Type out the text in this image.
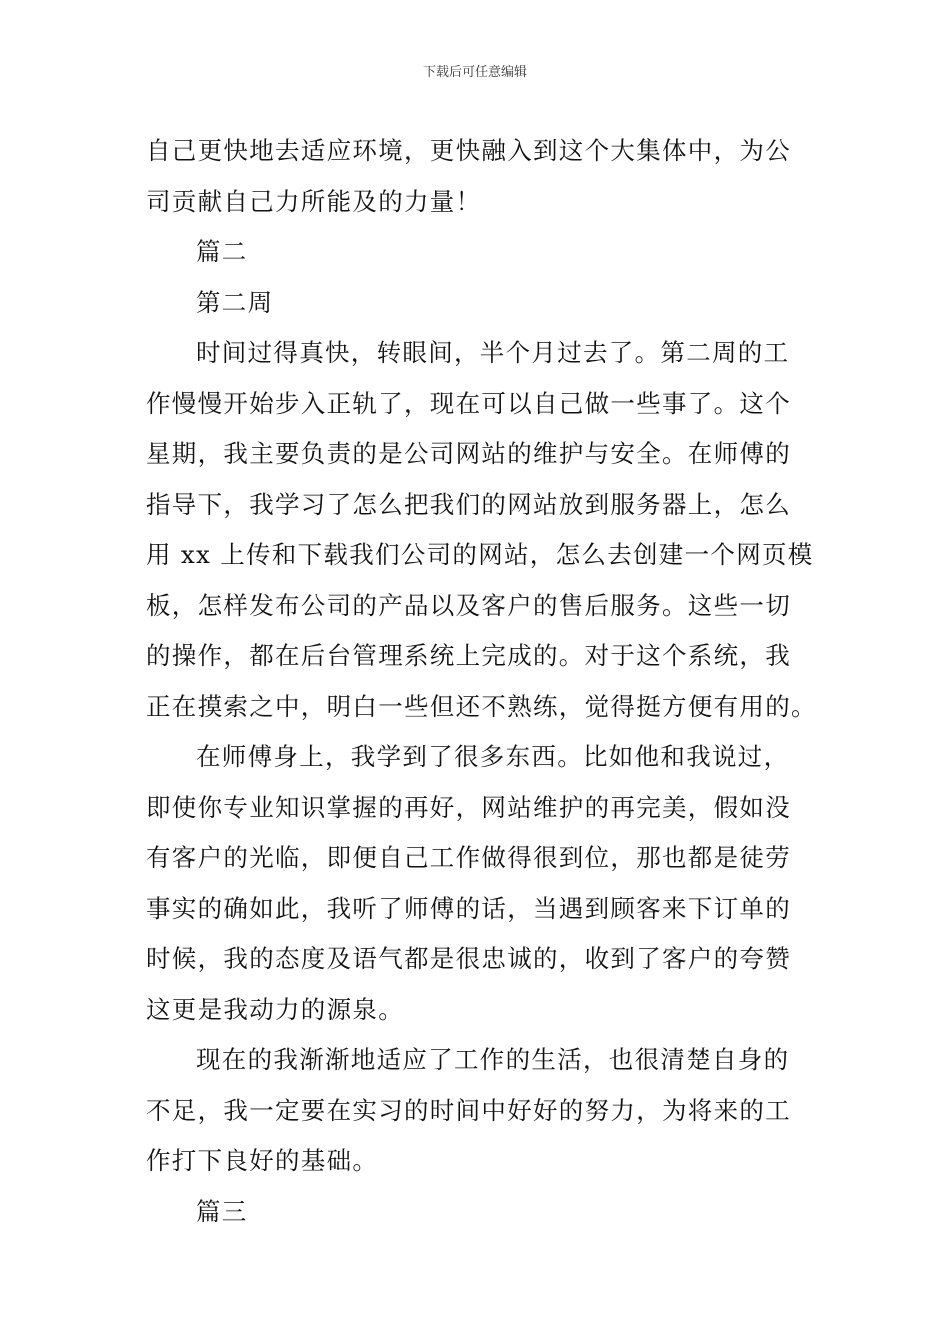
下载后可任意编辑
自己更快地去适应环境，更快融入到这个大集体中，为公
司贡献自己力所能及的力量！
篇二
第二周
时间过得真快，转眼间，半个月过去了。第二周的工
作慢慢开始步入正轨了，现在可以自己做一些事了。这个
星期，我主要负责的是公司网站的维护与安全。在师傅的
指导下，我学习了怎么把我们的网站放到服务器上，怎么
用 xx 上传和下载我们公司的网站，怎么去创建一个网页模
板，怎样发布公司的产品以及客户的售后服务。这些一切
的操作，都在后台管理系统上完成的。对于这个系统，我
正在摸索之中，明白一些但还不熟练，觉得挺方便有用的。
在师傅身上，我学到了很多东西。比如他和我说过，
即使你专业知识掌握的再好，网站维护的再完美，假如没
有客户的光临，即便自己工作做得很到位，那也都是徒劳
事实的确如此，我听了师傅的话，当遇到顾客来下订单的
时候，我的态度及语气都是很忠诚的，收到了客户的夸赞
这更是我动力的源泉。
现在的我渐渐地适应了工作的生活，也很清楚自身的
不足，我一定要在实习的时间中好好的努力，为将来的工
作打下良好的基础。
篇三
